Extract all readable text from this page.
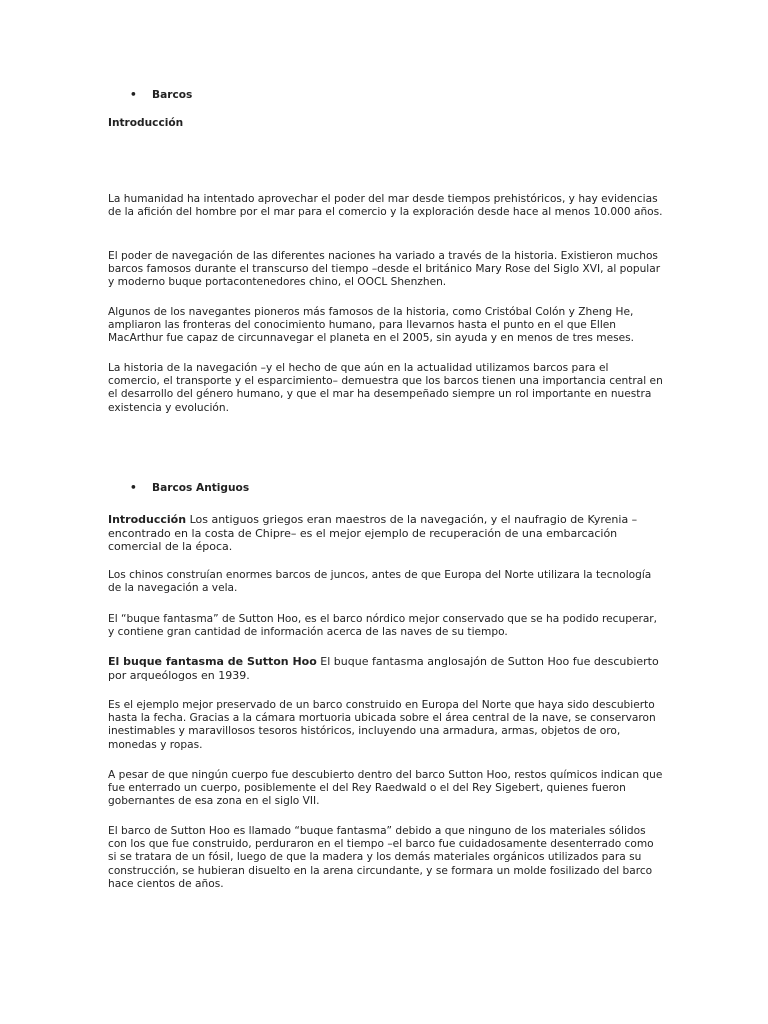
• Barcos
Introducción

La humanidad ha intentado aprovechar el poder del mar desde tiempos prehistóricos, y hay evidencias de la afición del hombre por el mar para el comercio y la exploración desde hace al menos 10.000 años.

El poder de navegación de las diferentes naciones ha variado a través de la historia. Existieron muchos barcos famosos durante el transcurso del tiempo –desde el británico Mary Rose del Siglo XVI, al popular y moderno buque portacontenedores chino, el OOCL Shenzhen.

Algunos de los navegantes pioneros más famosos de la historia, como Cristóbal Colón y Zheng He, ampliaron las fronteras del conocimiento humano, para llevarnos hasta el punto en el que Ellen MacArthur fue capaz de circunnavegar el planeta en el 2005, sin ayuda y en menos de tres meses.

La historia de la navegación –y el hecho de que aún en la actualidad utilizamos barcos para el comercio, el transporte y el esparcimiento– demuestra que los barcos tienen una importancia central en el desarrollo del género humano, y que el mar ha desempeñado siempre un rol importante en nuestra existencia y evolución.

• Barcos Antiguos

Introducción Los antiguos griegos eran maestros de la navegación, y el naufragio de Kyrenia –encontrado en la costa de Chipre– es el mejor ejemplo de recuperación de una embarcación comercial de la época.

Los chinos construían enormes barcos de juncos, antes de que Europa del Norte utilizara la tecnología de la navegación a vela.

El “buque fantasma” de Sutton Hoo, es el barco nórdico mejor conservado que se ha podido recuperar, y contiene gran cantidad de información acerca de las naves de su tiempo.

El buque fantasma de Sutton Hoo El buque fantasma anglosajón de Sutton Hoo fue descubierto por arqueólogos en 1939.

Es el ejemplo mejor preservado de un barco construido en Europa del Norte que haya sido descubierto hasta la fecha. Gracias a la cámara mortuoria ubicada sobre el área central de la nave, se conservaron inestimables y maravillosos tesoros históricos, incluyendo una armadura, armas, objetos de oro, monedas y ropas.

A pesar de que ningún cuerpo fue descubierto dentro del barco Sutton Hoo, restos químicos indican que fue enterrado un cuerpo, posiblemente el del Rey Raedwald o el del Rey Sigebert, quienes fueron gobernantes de esa zona en el siglo VII.

El barco de Sutton Hoo es llamado “buque fantasma” debido a que ninguno de los materiales sólidos con los que fue construido, perduraron en el tiempo –el barco fue cuidadosamente desenterrado como si se tratara de un fósil, luego de que la madera y los demás materiales orgánicos utilizados para su construcción, se hubieran disuelto en la arena circundante, y se formara un molde fosilizado del barco hace cientos de años.
